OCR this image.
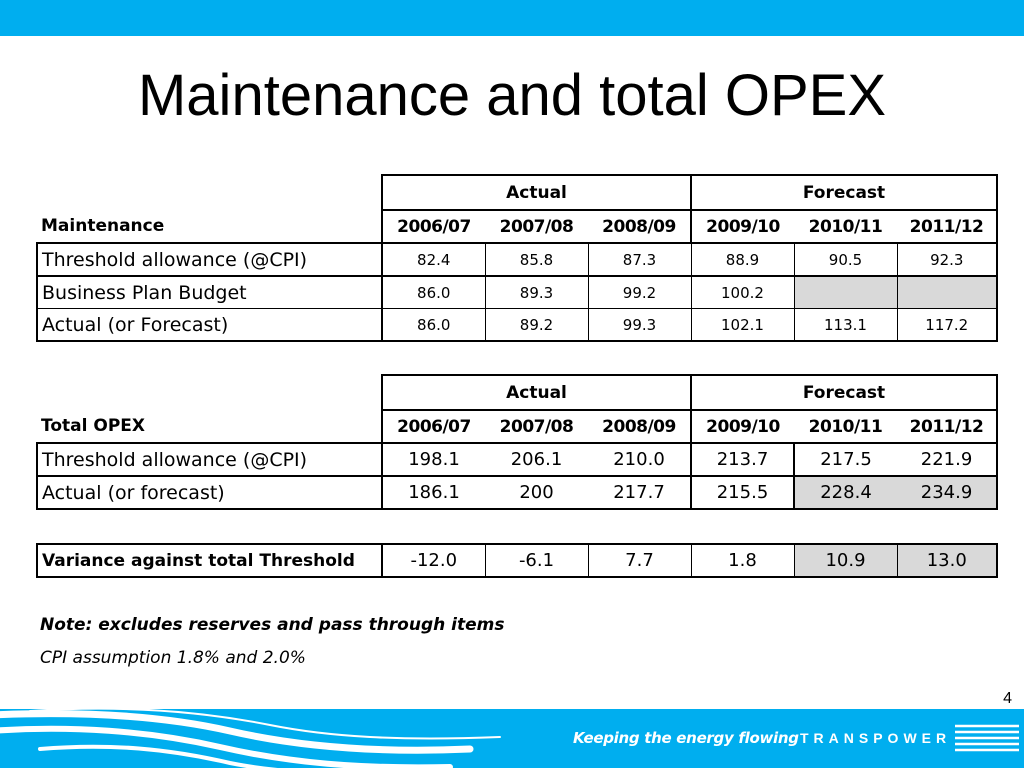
Maintenance and total OPEX
	Actual			Forecast		
Maintenance	2006/07	2007/08	2008/09	2009/10	2010/11	2011/12
Threshold allowance (@CPI)	82.4	85.8	87.3	88.9	90.5	92.3
Business Plan Budget	86.0	89.3	99.2	100.2		
Actual (or Forecast)	86.0	89.2	99.3	102.1	113.1	117.2
	Actual			Forecast		
Total OPEX	2006/07	2007/08	2008/09	2009/10	2010/11	2011/12
Threshold allowance (@CPI)	198.1	206.1	210.0	213.7	217.5	221.9
Actual (or forecast)	186.1	200	217.7	215.5	228.4	234.9
Variance against total Threshold	-12.0	-6.1	7.7	1.8	10.9	13.0
Note: excludes reserves and pass through items
CPI assumption 1.8% and 2.0%
4
Keeping the energy flowing TRANSPOWER
